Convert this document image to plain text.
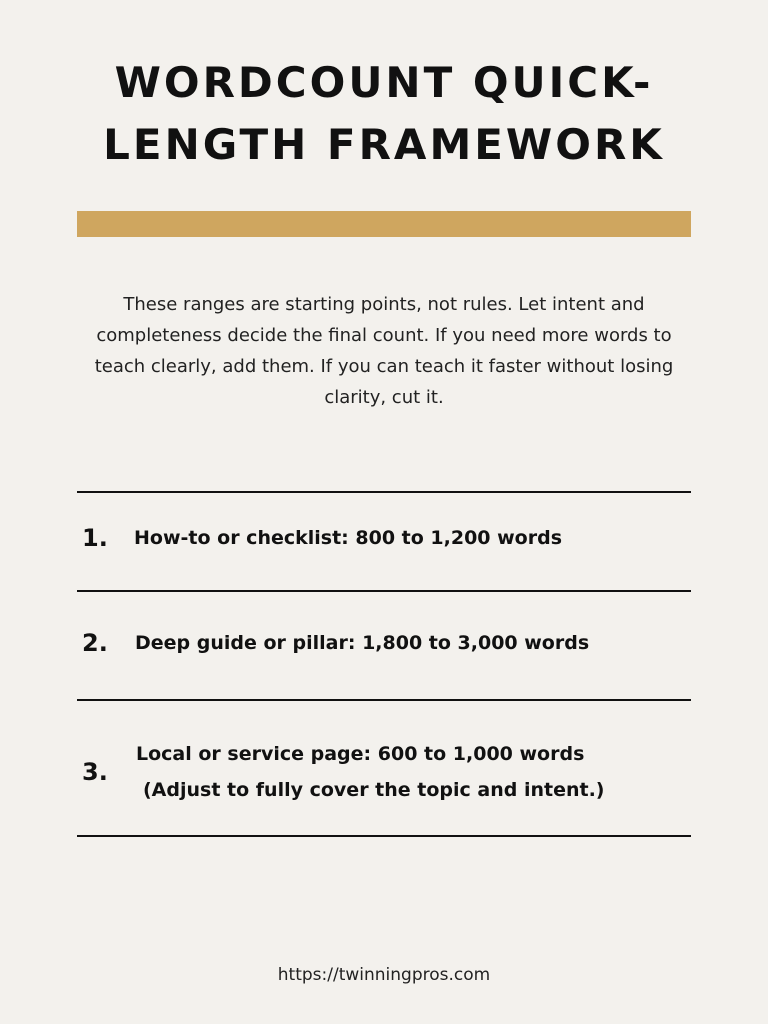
WORDCOUNT QUICK-
LENGTH FRAMEWORK

These ranges are starting points, not rules. Let intent and completeness decide the final count. If you need more words to teach clearly, add them. If you can teach it faster without losing clarity, cut it.

1. How-to or checklist: 800 to 1,200 words
2. Deep guide or pillar: 1,800 to 3,000 words
3.
Local or service page: 600 to 1,000 words
(Adjust to fully cover the topic and intent.)
https://twinningpros.com
